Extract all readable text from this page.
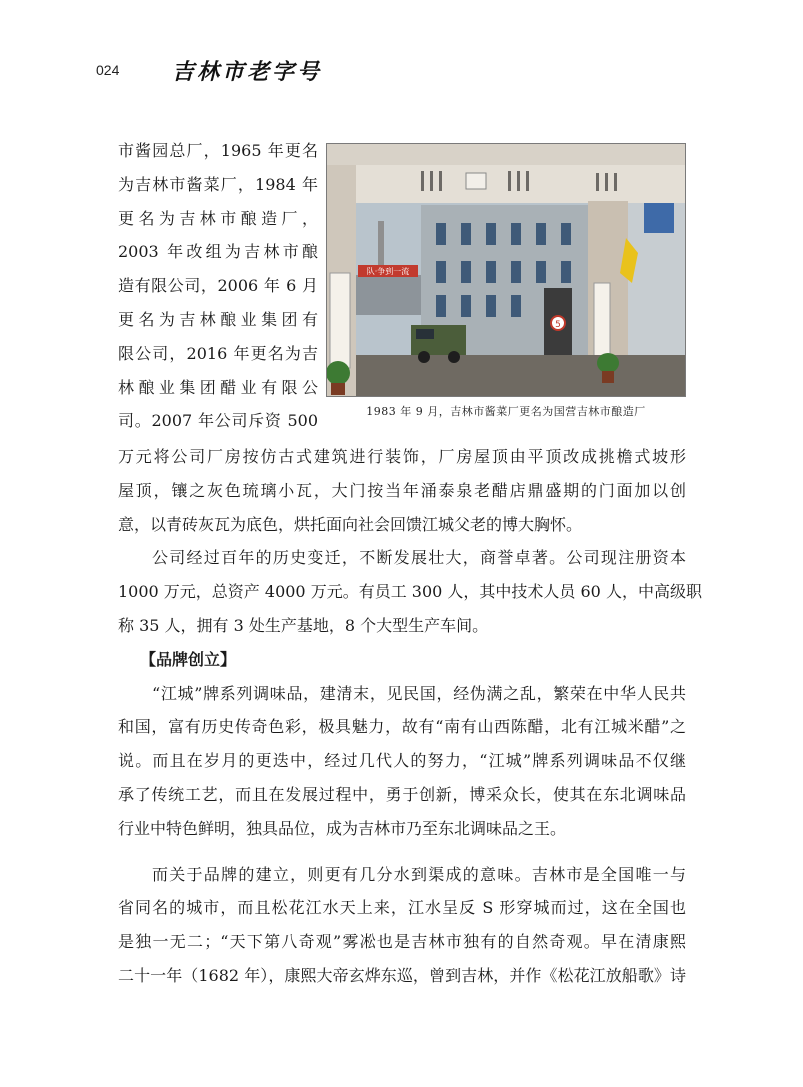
024 吉林市老字号
市酱园总厂，1965 年更名
为吉林市酱菜厂，1984 年
更名为吉林市酿造厂，
2003 年改组为吉林市酿
造有限公司，2006 年 6 月
更名为吉林酿业集团有
限公司，2016 年更名为吉
林酿业集团醋业有限公
司。2007 年公司斥资 500
队·争到一流
5
1983 年 9 月，吉林市酱菜厂更名为国营吉林市酿造厂
万元将公司厂房按仿古式建筑进行装饰，厂房屋顶由平顶改成挑檐式坡形
屋顶，镶之灰色琉璃小瓦，大门按当年涌泰泉老醋店鼎盛期的门面加以创
意，以青砖灰瓦为底色，烘托面向社会回馈江城父老的博大胸怀。
公司经过百年的历史变迁，不断发展壮大，商誉卓著。公司现注册资本
1000 万元，总资产 4000 万元。有员工 300 人，其中技术人员 60 人，中高级职
称 35 人，拥有 3 处生产基地，8 个大型生产车间。
【品牌创立】
“江城”牌系列调味品，建清末，见民国，经伪满之乱，繁荣在中华人民共
和国，富有历史传奇色彩，极具魅力，故有“南有山西陈醋，北有江城米醋”之
说。而且在岁月的更迭中，经过几代人的努力，“江城”牌系列调味品不仅继
承了传统工艺，而且在发展过程中，勇于创新，博采众长，使其在东北调味品
行业中特色鲜明，独具品位，成为吉林市乃至东北调味品之王。
而关于品牌的建立，则更有几分水到渠成的意味。吉林市是全国唯一与
省同名的城市，而且松花江水天上来，江水呈反 S 形穿城而过，这在全国也
是独一无二；“天下第八奇观”雾凇也是吉林市独有的自然奇观。早在清康熙
二十一年（1682 年），康熙大帝玄烨东巡，曾到吉林，并作《松花江放船歌》诗
